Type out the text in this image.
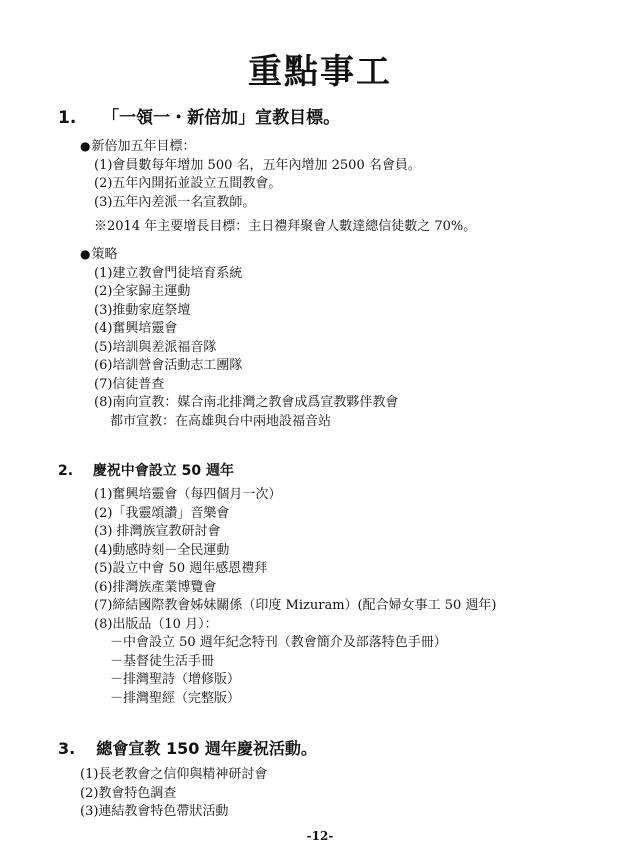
重點事工
1. 「一領一・新倍加」宣教目標。
●新倍加五年目標：
(1)會員數每年增加 500 名，五年內增加 2500 名會員。
(2)五年內開拓並設立五間教會。
(3)五年內差派一名宣教師。
※2014 年主要增長目標：主日禮拜聚會人數達總信徒數之 70%。
●策略
(1)建立教會門徒培育系統
(2)全家歸主運動
(3)推動家庭祭壇
(4)奮興培靈會
(5)培訓與差派福音隊
(6)培訓營會活動志工團隊
(7)信徒普查
(8)南向宣教：媒合南北排灣之教會成爲宣教夥伴教會
都市宣教：在高雄與台中兩地設福音站
2. 慶祝中會設立 50 週年
(1)奮興培靈會（每四個月一次）
(2)「我靈頌讚」音樂會
(3) 排灣族宣教研討會
(4)動感時刻－全民運動
(5)設立中會 50 週年感恩禮拜
(6)排灣族產業博覽會
(7)締結國際教會姊妹關係（印度 Mizuram）(配合婦女事工 50 週年)
(8)出版品（10 月）：
－中會設立 50 週年紀念特刊（教會簡介及部落特色手冊）
－基督徒生活手冊
－排灣聖詩（增修版）
－排灣聖經（完整版）
3. 總會宣教 150 週年慶祝活動。
(1)長老教會之信仰與精神研討會
(2)教會特色調查
(3)連結教會特色帶狀活動
-12-
